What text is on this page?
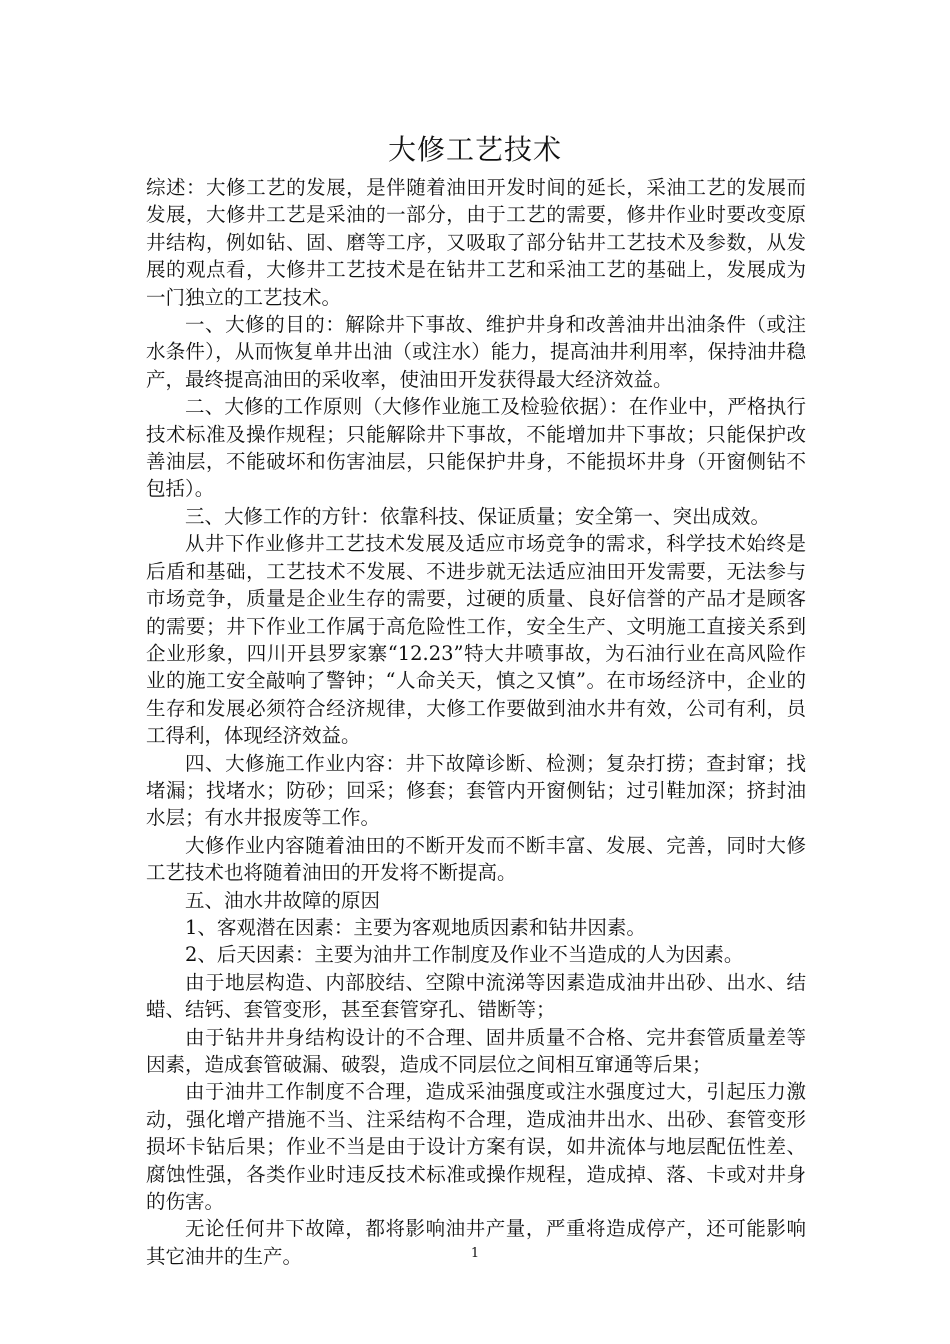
大修工艺技术

综述：大修工艺的发展，是伴随着油田开发时间的延长，采油工艺的发展而发展，大修井工艺是采油的一部分，由于工艺的需要，修井作业时要改变原井结构，例如钻、固、磨等工序，又吸取了部分钻井工艺技术及参数，从发展的观点看，大修井工艺技术是在钻井工艺和采油工艺的基础上，发展成为一门独立的工艺技术。

一、大修的目的：解除井下事故、维护井身和改善油井出油条件（或注水条件），从而恢复单井出油（或注水）能力，提高油井利用率，保持油井稳产，最终提高油田的采收率，使油田开发获得最大经济效益。

二、大修的工作原则（大修作业施工及检验依据）：在作业中，严格执行技术标准及操作规程；只能解除井下事故，不能增加井下事故；只能保护改善油层，不能破坏和伤害油层，只能保护井身，不能损坏井身（开窗侧钻不包括）。

三、大修工作的方针：依靠科技、保证质量；安全第一、突出成效。

从井下作业修井工艺技术发展及适应市场竞争的需求，科学技术始终是后盾和基础，工艺技术不发展、不进步就无法适应油田开发需要，无法参与市场竞争，质量是企业生存的需要，过硬的质量、良好信誉的产品才是顾客的需要；井下作业工作属于高危险性工作，安全生产、文明施工直接关系到企业形象，四川开县罗家寨“12.23”特大井喷事故，为石油行业在高风险作业的施工安全敲响了警钟；“人命关天，慎之又慎”。在市场经济中，企业的生存和发展必须符合经济规律，大修工作要做到油水井有效，公司有利，员工得利，体现经济效益。

四、大修施工作业内容：井下故障诊断、检测；复杂打捞；查封窜；找堵漏；找堵水；防砂；回采；修套；套管内开窗侧钻；过引鞋加深；挤封油水层；有水井报废等工作。

大修作业内容随着油田的不断开发而不断丰富、发展、完善，同时大修工艺技术也将随着油田的开发将不断提高。

五、油水井故障的原因

1、客观潜在因素：主要为客观地质因素和钻井因素。

2、后天因素：主要为油井工作制度及作业不当造成的人为因素。

由于地层构造、内部胶结、空隙中流涕等因素造成油井出砂、出水、结蜡、结钙、套管变形，甚至套管穿孔、错断等；

由于钻井井身结构设计的不合理、固井质量不合格、完井套管质量差等因素，造成套管破漏、破裂，造成不同层位之间相互窜通等后果；

由于油井工作制度不合理，造成采油强度或注水强度过大，引起压力激动，强化增产措施不当、注采结构不合理，造成油井出水、出砂、套管变形损坏卡钻后果；作业不当是由于设计方案有误，如井流体与地层配伍性差、腐蚀性强，各类作业时违反技术标准或操作规程，造成掉、落、卡或对井身的伤害。

无论任何井下故障，都将影响油井产量，严重将造成停产，还可能影响其它油井的生产。	1
